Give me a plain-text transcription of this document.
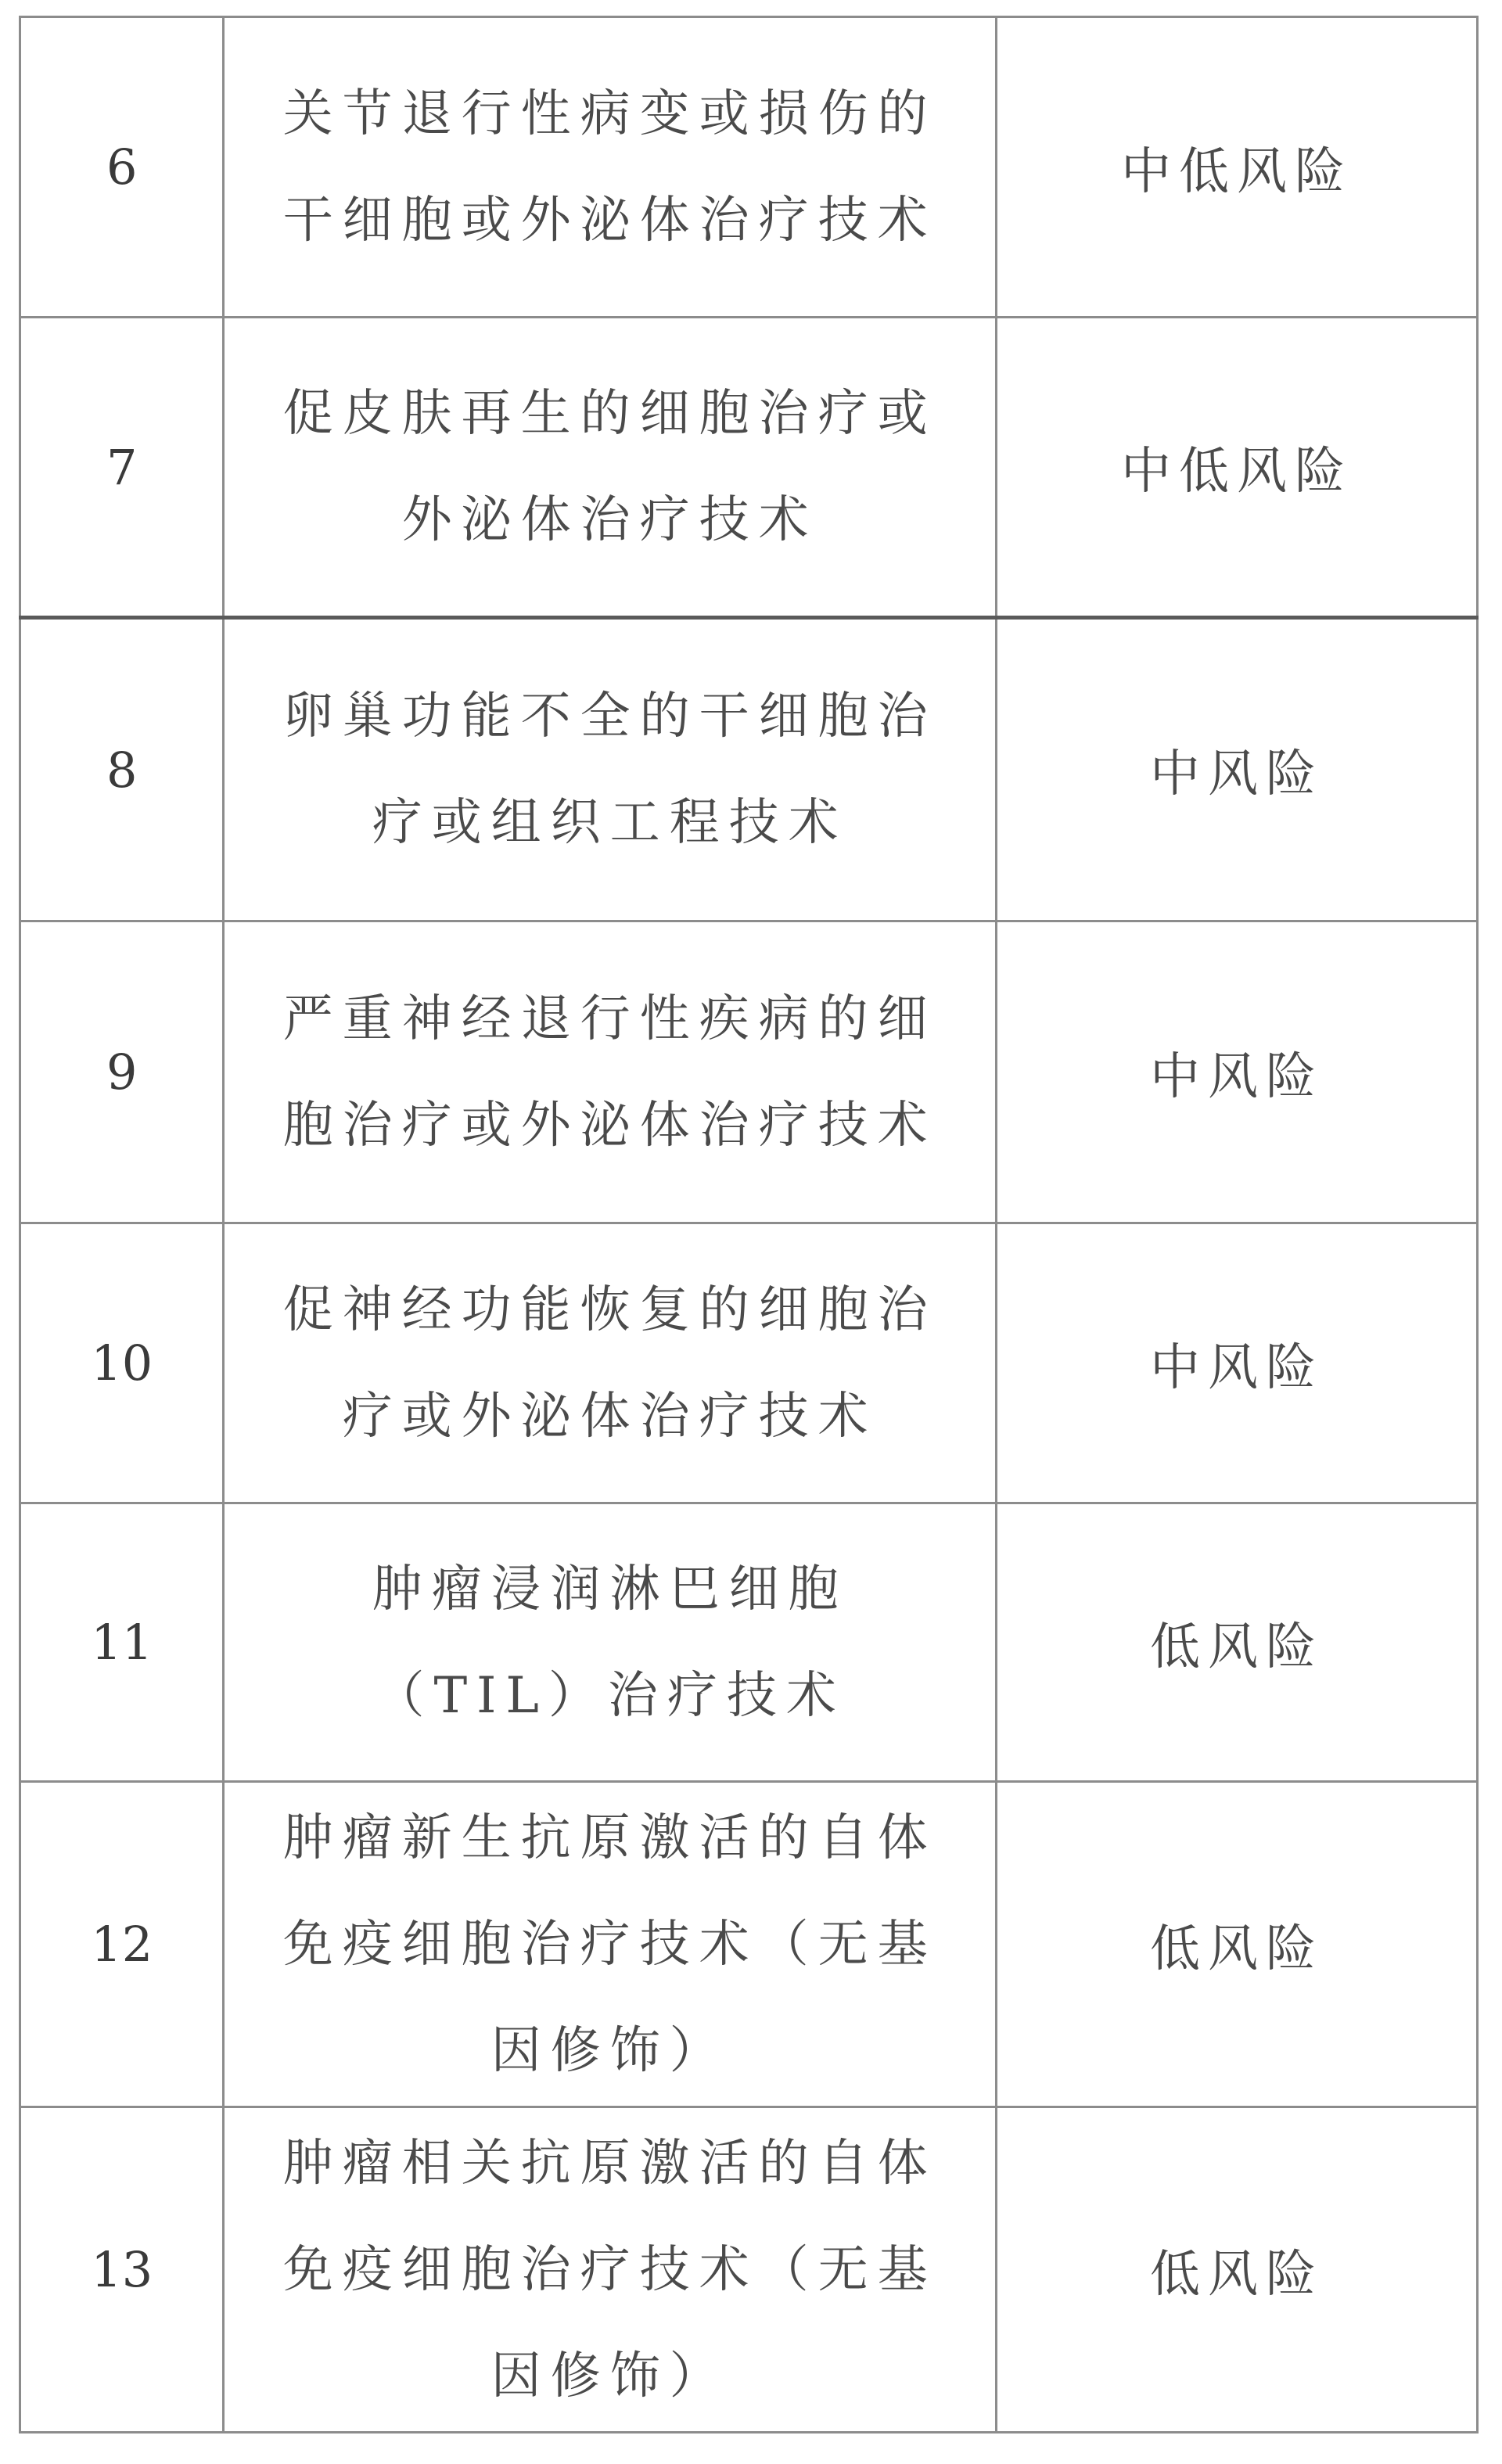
6	关节退行性病变或损伤的干细胞或外泌体治疗技术	中低风险
7	促皮肤再生的细胞治疗或外泌体治疗技术	中低风险
8	卵巢功能不全的干细胞治疗或组织工程技术	中风险
9	严重神经退行性疾病的细胞治疗或外泌体治疗技术	中风险
10	促神经功能恢复的细胞治疗或外泌体治疗技术	中风险
11	肿瘤浸润淋巴细胞（TIL）治疗技术	低风险
12	肿瘤新生抗原激活的自体免疫细胞治疗技术（无基因修饰）	低风险
13	肿瘤相关抗原激活的自体免疫细胞治疗技术（无基因修饰）	低风险
